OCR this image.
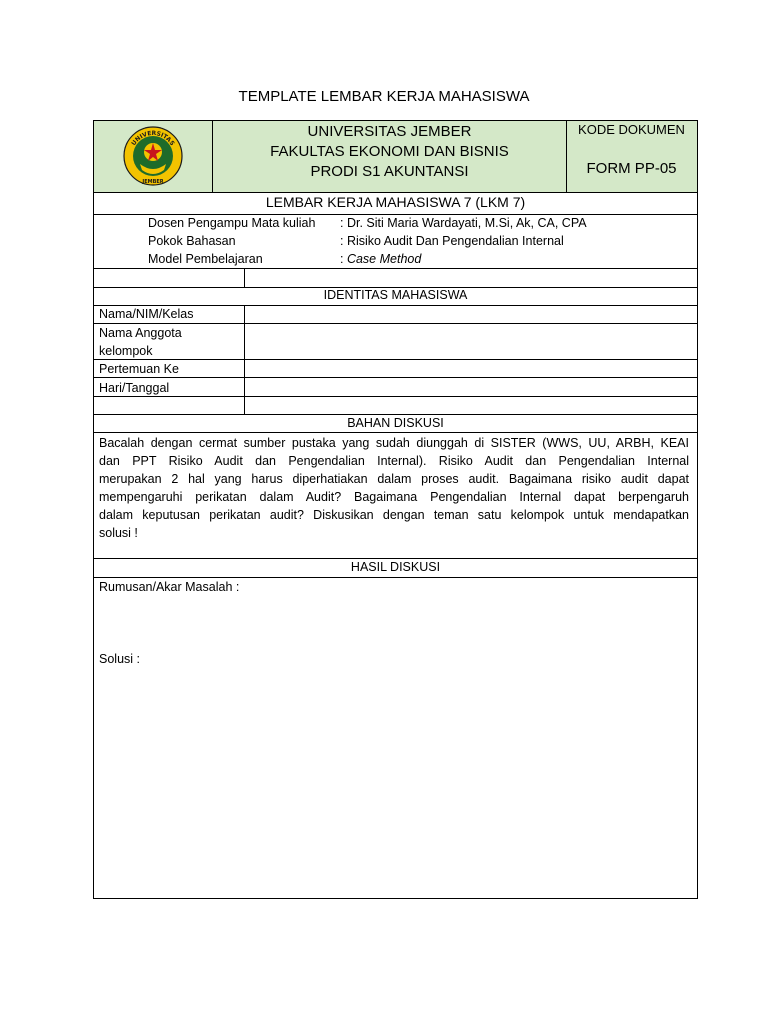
TEMPLATE LEMBAR KERJA MAHASISWA
UNIVERSITAS
JEMBER
UNIVERSITAS JEMBER
FAKULTAS EKONOMI DAN BISNIS
PRODI S1 AKUNTANSI
KODE DOKUMEN
FORM PP-05
LEMBAR KERJA MAHASISWA 7 (LKM 7)
Dosen Pengampu Mata kuliah : Dr. Siti Maria Wardayati, M.Si, Ak, CA, CPA
Pokok Bahasan	: Risiko Audit Dan Pengendalian Internal
Model Pembelajaran	: Case Method
IDENTITAS MAHASISWA
Nama/NIM/Kelas
Nama Anggota
kelompok
Pertemuan Ke
Hari/Tanggal
BAHAN DISKUSI

Bacalah dengan cermat sumber pustaka yang sudah diunggah di SISTER (WWS, UU, ARBH, KEAI

dan PPT Risiko Audit dan Pengendalian Internal). Risiko Audit dan Pengendalian Internal

merupakan 2 hal yang harus diperhatiakan dalam proses audit. Bagaimana risiko audit dapat

mempengaruhi perikatan dalam Audit? Bagaimana Pengendalian Internal dapat berpengaruh

dalam keputusan perikatan audit? Diskusikan dengan teman satu kelompok untuk mendapatkan

solusi !

HASIL DISKUSI
Rumusan/Akar Masalah :
Solusi :
